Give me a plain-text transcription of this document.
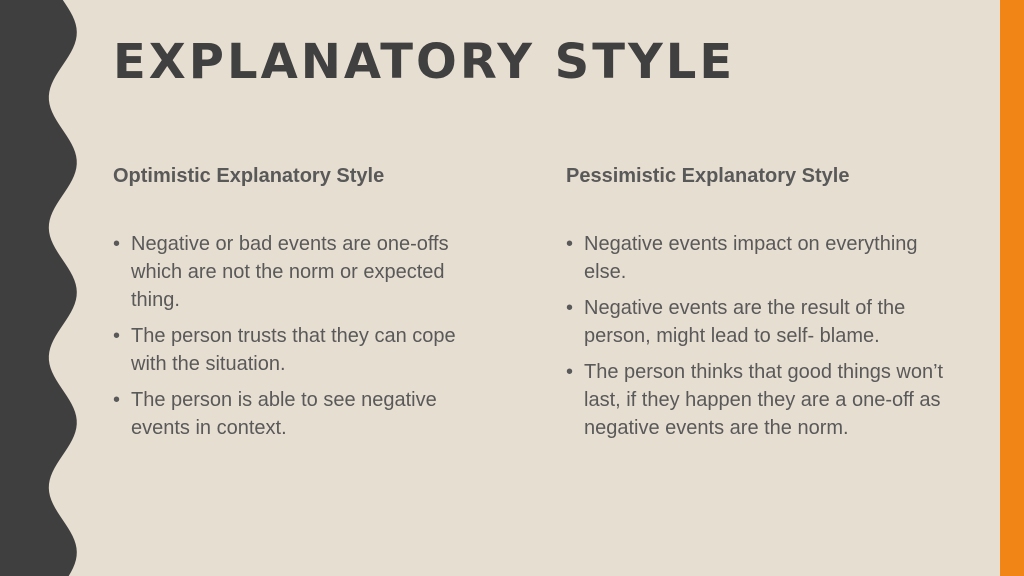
EXPLANATORY STYLE
Optimistic Explanatory Style
• Negative or bad events are one-offs which are not the norm or expected thing.
• The person trusts that they can cope with the situation.
• The person is able to see negative events in context.
Pessimistic Explanatory Style
• Negative events impact on everything else.
• Negative events are the result of the person, might lead to self- blame.
• The person thinks that good things won’t last, if they happen they are a one-off as negative events are the norm.
